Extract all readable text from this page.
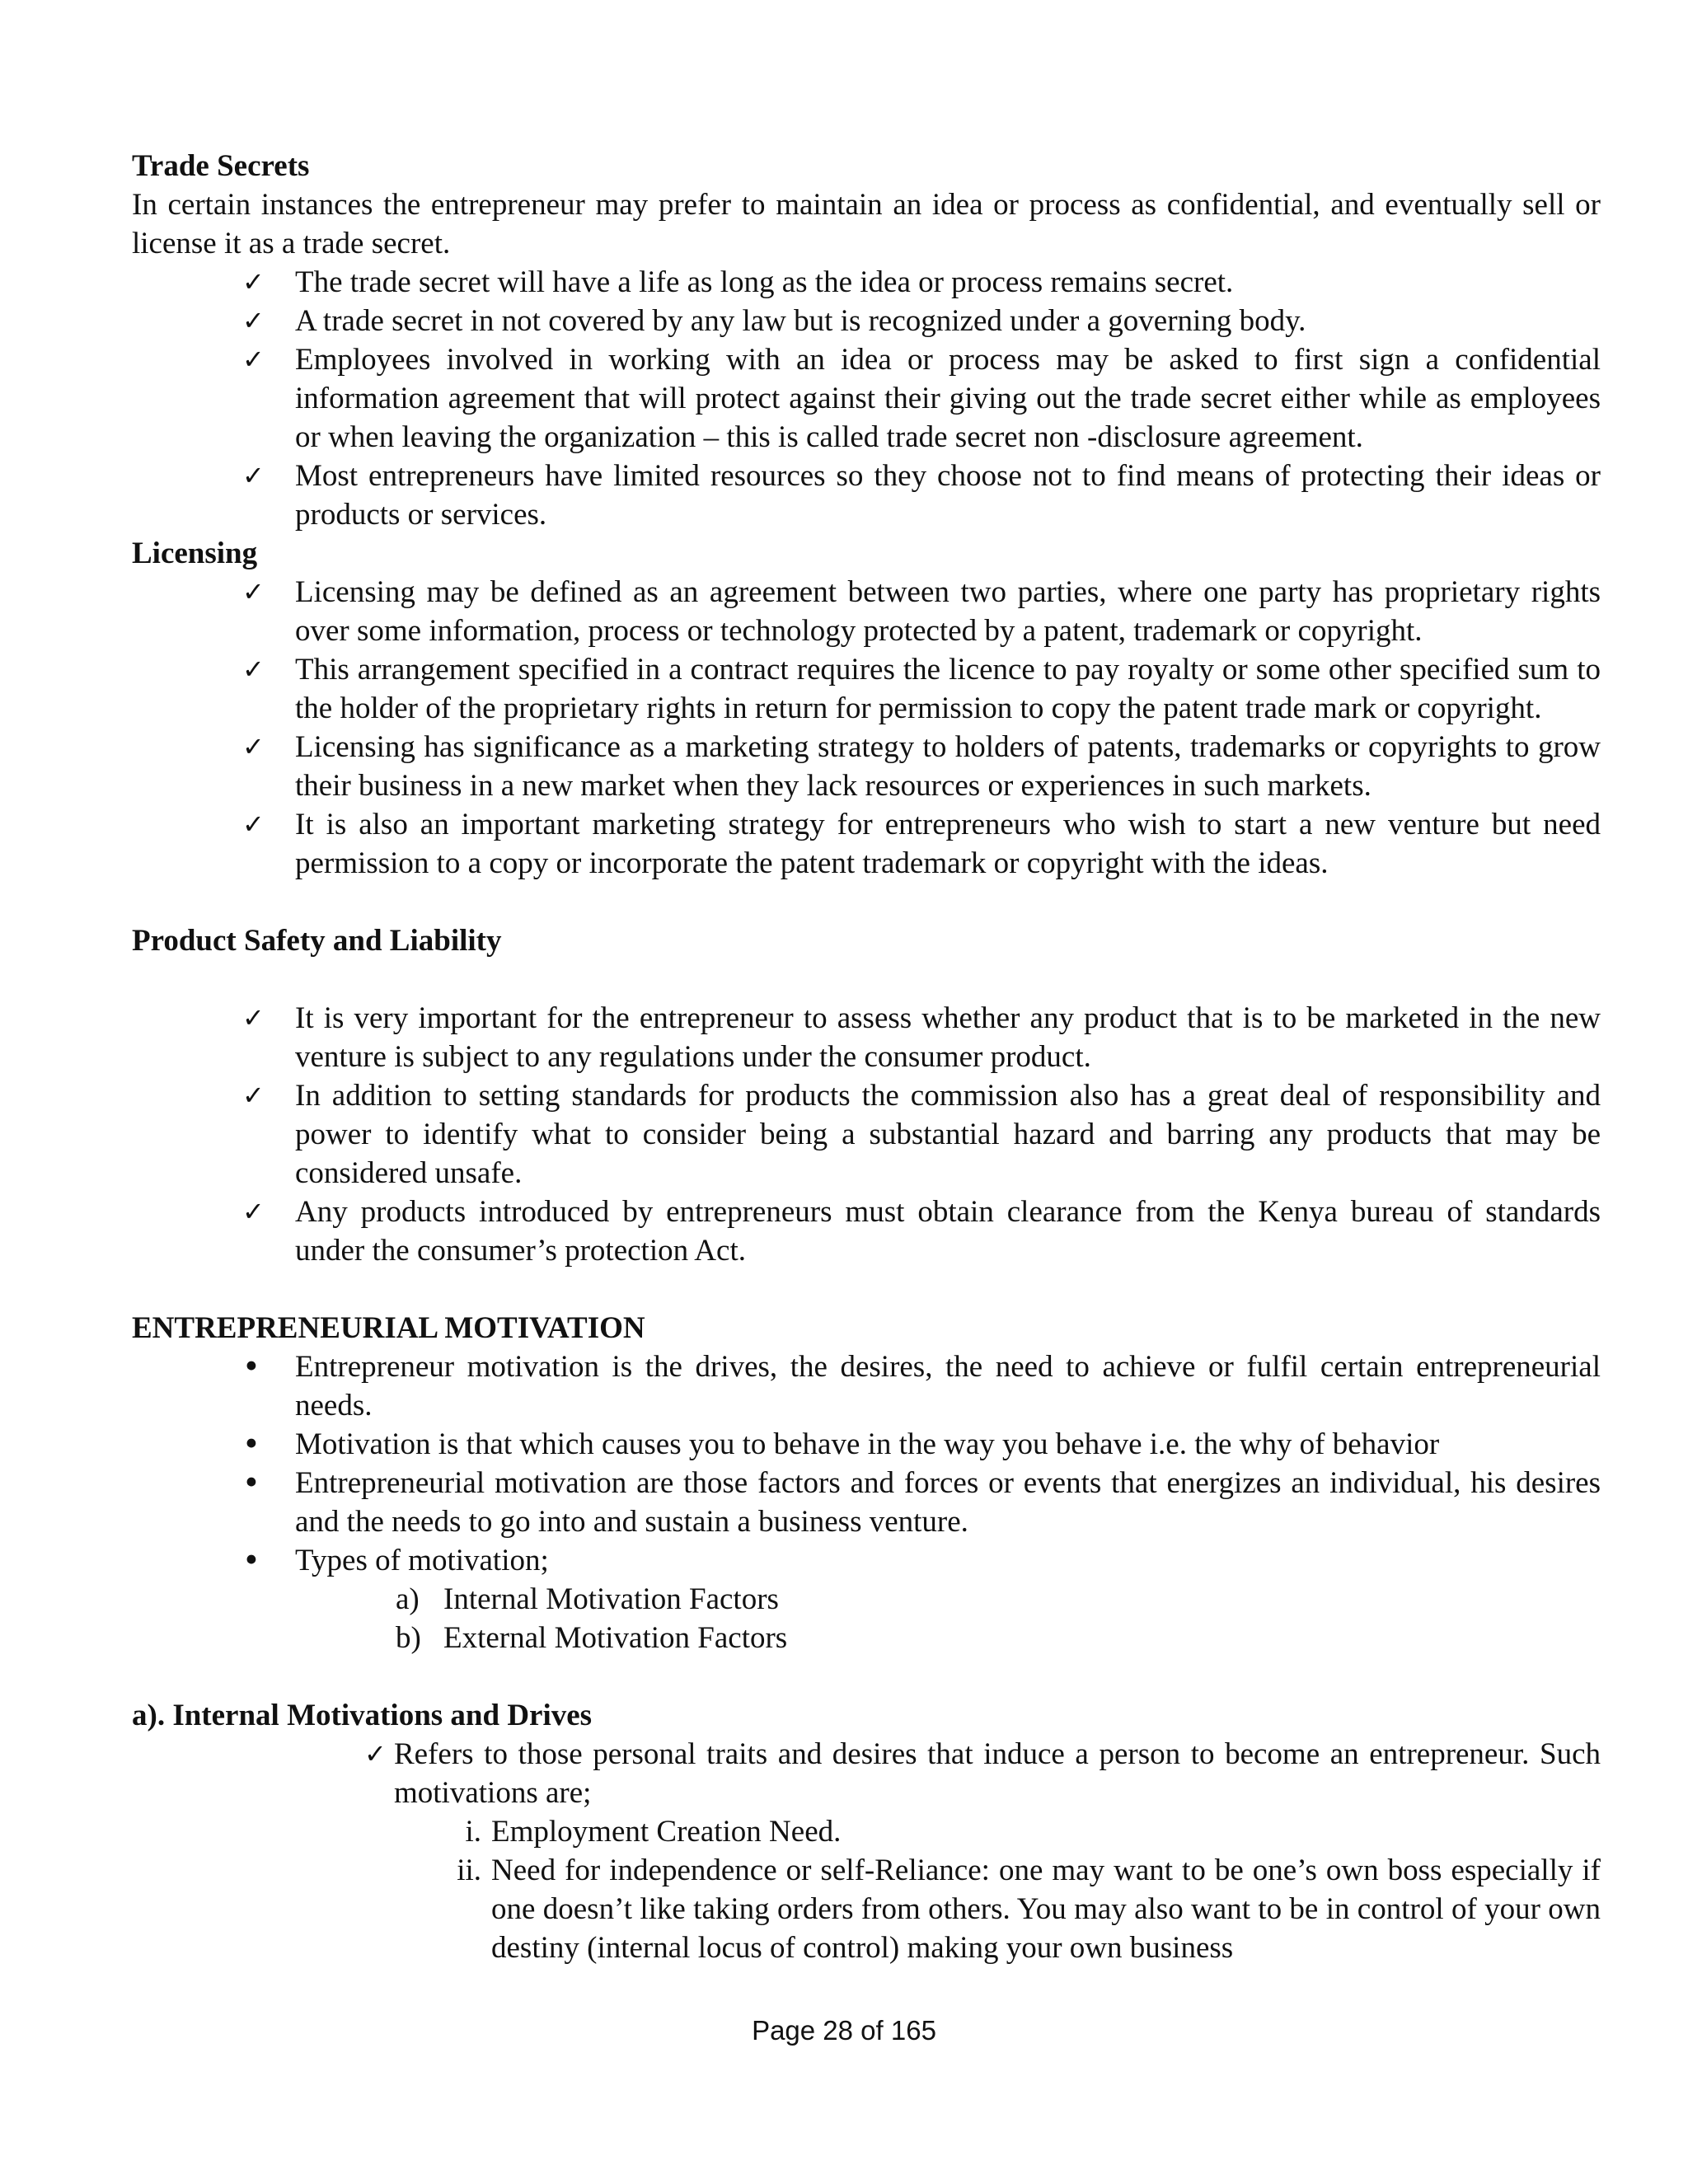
Trade Secrets

In certain instances the entrepreneur may prefer to maintain an idea or process as confidential, and eventually sell or license it as a trade secret.

✓	The trade secret will have a life as long as the idea or process remains secret.
✓	A trade secret in not covered by any law but is recognized under a governing body.
✓	Employees involved in working with an idea or process may be asked to first sign a confidential information agreement that will protect against their giving out the trade secret either while as employees or when leaving the organization – this is called trade secret non -disclosure agreement.
✓	Most entrepreneurs have limited resources so they choose not to find means of protecting their ideas or products or services.

Licensing

✓	Licensing may be defined as an agreement between two parties, where one party has proprietary rights over some information, process or technology protected by a patent, trademark or copyright.
✓	This arrangement specified in a contract requires the licence to pay royalty or some other specified sum to the holder of the proprietary rights in return for permission to copy the patent trade mark or copyright.
✓	Licensing has significance as a marketing strategy to holders of patents, trademarks or copyrights to grow their business in a new market when they lack resources or experiences in such markets.
✓	It is also an important marketing strategy for entrepreneurs who wish to start a new venture but need permission to a copy or incorporate the patent trademark or copyright with the ideas.

Product Safety and Liability

✓	It is very important for the entrepreneur to assess whether any product that is to be marketed in the new venture is subject to any regulations under the consumer product.
✓	In addition to setting standards for products the commission also has a great deal of responsibility and power to identify what to consider being a substantial hazard and barring any products that may be considered unsafe.
✓	Any products introduced by entrepreneurs must obtain clearance from the Kenya bureau of standards under the consumer’s protection Act.

ENTREPRENEURIAL MOTIVATION

• Entrepreneur motivation is the drives, the desires, the need to achieve or fulfil certain entrepreneurial needs.
• Motivation is that which causes you to behave in the way you behave i.e. the why of behavior
• Entrepreneurial motivation are those factors and forces or events that energizes an individual, his desires and the needs to go into and sustain a business venture.
• Types of motivation;
a) Internal Motivation Factors
b) External Motivation Factors

a). Internal Motivations and Drives

✓ Refers to those personal traits and desires that induce a person to become an entrepreneur. Such motivations are;
i. Employment Creation Need.
ii. Need for independence or self-Reliance: one may want to be one’s own boss especially if one doesn’t like taking orders from others. You may also want to be in control of your own destiny (internal locus of control) making your own business
Page 28 of 165
